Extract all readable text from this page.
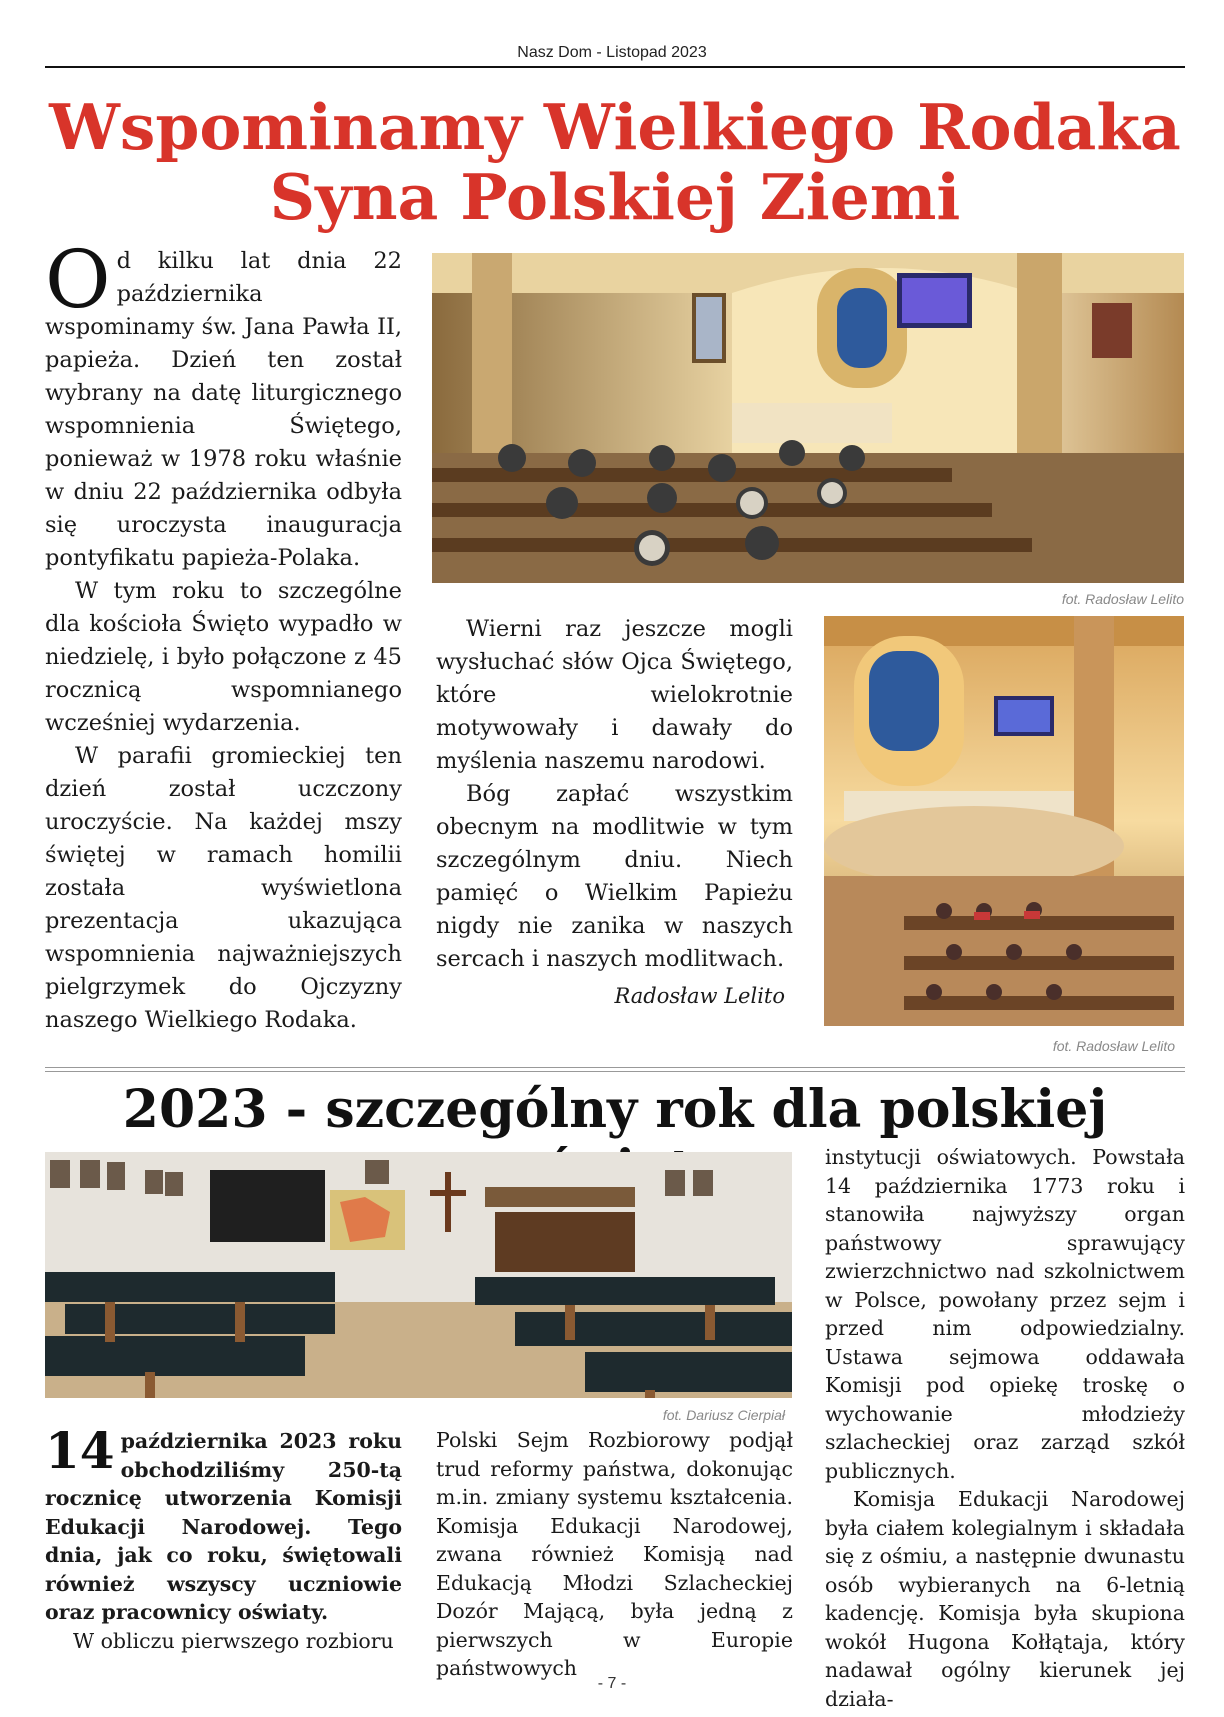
Nasz Dom - Listopad 2023
Wspominamy Wielkiego Rodaka
Syna Polskiej Ziemi

Od kilku lat dnia 22 października wspominamy św. Jana Pawła II, papieża. Dzień ten został wybrany na datę liturgicznego wspomnienia Świętego, ponieważ w 1978 roku właśnie w dniu 22 października odbyła się uroczysta inauguracja pontyfikatu papieża-Polaka.

W tym roku to szczególne dla kościoła Święto wypadło w niedzielę, i było połączone z 45 rocznicą wspomnianego wcześniej wydarzenia.

W parafii gromieckiej ten dzień został uczczony uroczyście. Na każdej mszy świętej w ramach homilii została wyświetlona prezentacja ukazująca wspomnienia najważniejszych pielgrzymek do Ojczyzny naszego Wielkiego Rodaka.

fot. Radosław Lelito

Wierni raz jeszcze mogli wysłuchać słów Ojca Świętego, które wielokrotnie motywowały i dawały do myślenia naszemu narodowi.

Bóg zapłać wszystkim obecnym na modlitwie w tym szczególnym dniu. Niech pamięć o Wielkim Papieżu nigdy nie zanika w naszych sercach i naszych modlitwach.

Radosław Lelito
fot. Radosław Lelito
2023 - szczególny rok dla polskiej
fot. Dariusz Cierpiał

14 października 2023 roku obchodziliśmy 250-tą rocznicę utworzenia Komisji Edukacji Narodowej. Tego dnia, jak co roku, świętowali również wszyscy uczniowie oraz pracownicy oświaty.

W obliczu pierwszego rozbioru

Polski Sejm Rozbiorowy podjął trud reformy państwa, dokonując m.in. zmiany systemu kształcenia. Komisja Edukacji Narodowej, zwana również Komisją nad Edukacją Młodzi Szlacheckiej Dozór Mającą, była jedną z pierwszych w Europie państwowych

instytucji oświatowych. Powstała 14 października 1773 roku i stanowiła najwyższy organ państwowy sprawujący zwierzchnictwo nad szkolnictwem w Polsce, powołany przez sejm i przed nim odpowiedzialny. Ustawa sejmowa oddawała Komisji pod opiekę troskę o wychowanie młodzieży szlacheckiej oraz zarząd szkół publicznych.

Komisja Edukacji Narodowej była ciałem kolegialnym i składała się z ośmiu, a następnie dwunastu osób wybieranych na 6-letnią kadencję. Komisja była skupiona wokół Hugona Kołłątaja, który nadawał ogólny kierunek jej działa-

- 7 -
